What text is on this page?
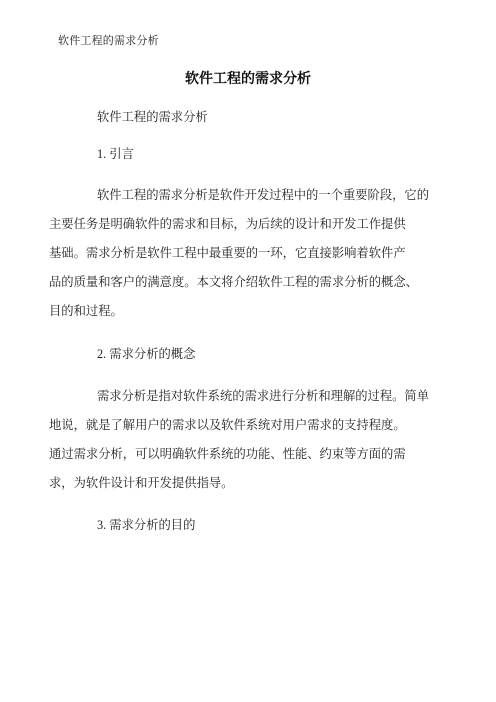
软件工程的需求分析
软件工程的需求分析
软件工程的需求分析
1. 引言
软件工程的需求分析是软件开发过程中的一个重要阶段，它的
主要任务是明确软件的需求和目标，为后续的设计和开发工作提供
基础。需求分析是软件工程中最重要的一环，它直接影响着软件产
品的质量和客户的满意度。本文将介绍软件工程的需求分析的概念、
目的和过程。
2. 需求分析的概念
需求分析是指对软件系统的需求进行分析和理解的过程。简单
地说，就是了解用户的需求以及软件系统对用户需求的支持程度。
通过需求分析，可以明确软件系统的功能、性能、约束等方面的需
求，为软件设计和开发提供指导。
3. 需求分析的目的
